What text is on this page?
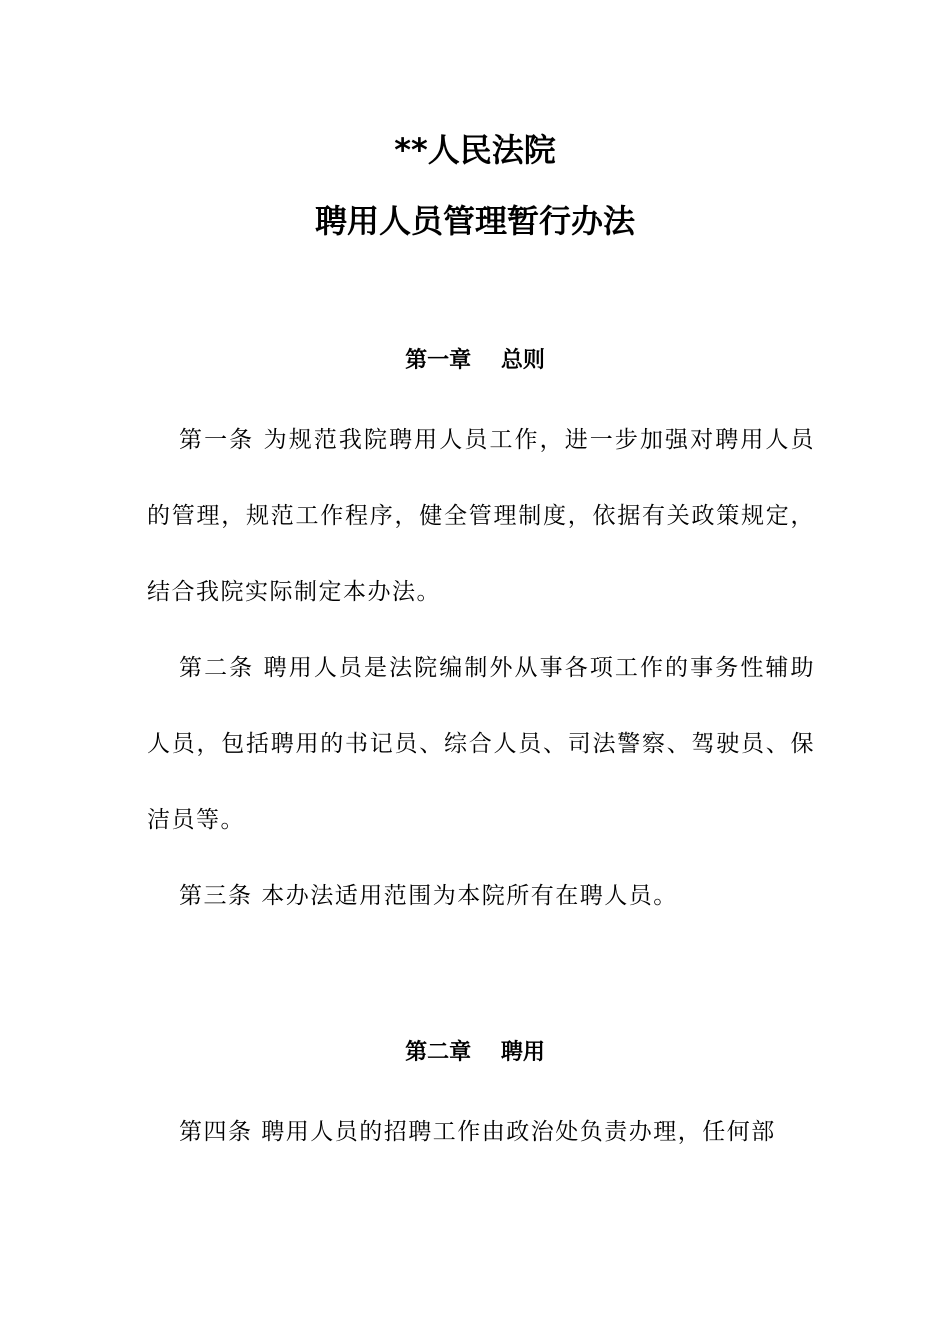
**人民法院
聘用人员管理暂行办法
第一章　 总则

第一条 为规范我院聘用人员工作，进一步加强对聘用人员的管理，规范工作程序，健全管理制度，依据有关政策规定，结合我院实际制定本办法。

第二条 聘用人员是法院编制外从事各项工作的事务性辅助人员，包括聘用的书记员、综合人员、司法警察、驾驶员、保洁员等。

第三条 本办法适用范围为本院所有在聘人员。

第二章　 聘用

第四条 聘用人员的招聘工作由政治处负责办理，任何部
